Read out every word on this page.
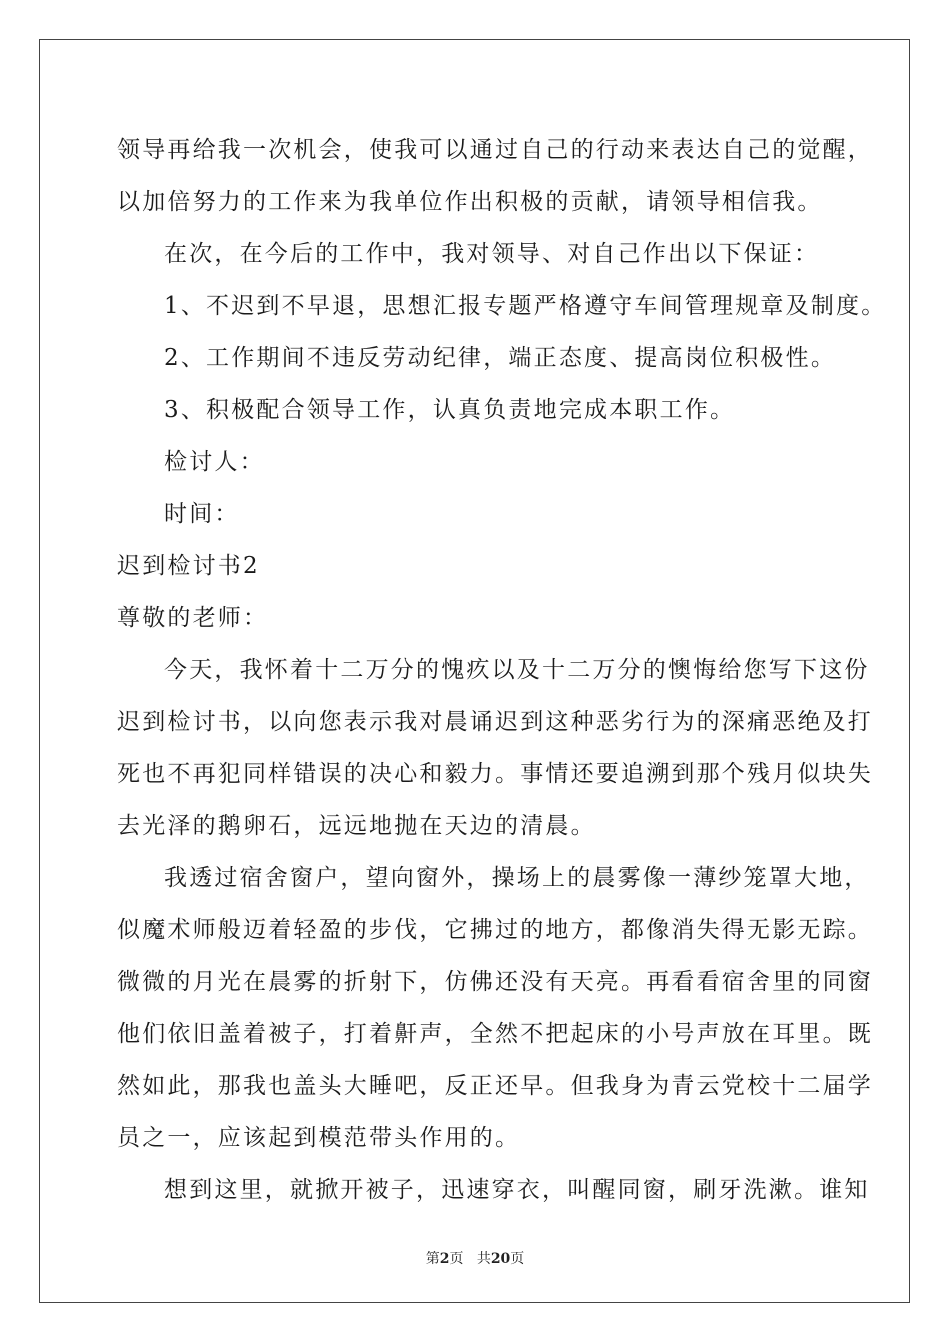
领导再给我一次机会，使我可以通过自己的行动来表达自己的觉醒，
以加倍努力的工作来为我单位作出积极的贡献，请领导相信我。
在次，在今后的工作中，我对领导、对自己作出以下保证：
1、不迟到不早退，思想汇报专题严格遵守车间管理规章及制度。
2、工作期间不违反劳动纪律，端正态度、提高岗位积极性。
3、积极配合领导工作，认真负责地完成本职工作。
检讨人：
时间：
迟到检讨书2
尊敬的老师：
今天，我怀着十二万分的愧疚以及十二万分的懊悔给您写下这份
迟到检讨书，以向您表示我对晨诵迟到这种恶劣行为的深痛恶绝及打
死也不再犯同样错误的决心和毅力。事情还要追溯到那个残月似块失
去光泽的鹅卵石，远远地抛在天边的清晨。
我透过宿舍窗户，望向窗外，操场上的晨雾像一薄纱笼罩大地，
似魔术师般迈着轻盈的步伐，它拂过的地方，都像消失得无影无踪。
微微的月光在晨雾的折射下，仿佛还没有天亮。再看看宿舍里的同窗
他们依旧盖着被子，打着鼾声，全然不把起床的小号声放在耳里。既
然如此，那我也盖头大睡吧，反正还早。但我身为青云党校十二届学
员之一，应该起到模范带头作用的。
想到这里，就掀开被子，迅速穿衣，叫醒同窗，刷牙洗漱。谁知
第2页 共20页
